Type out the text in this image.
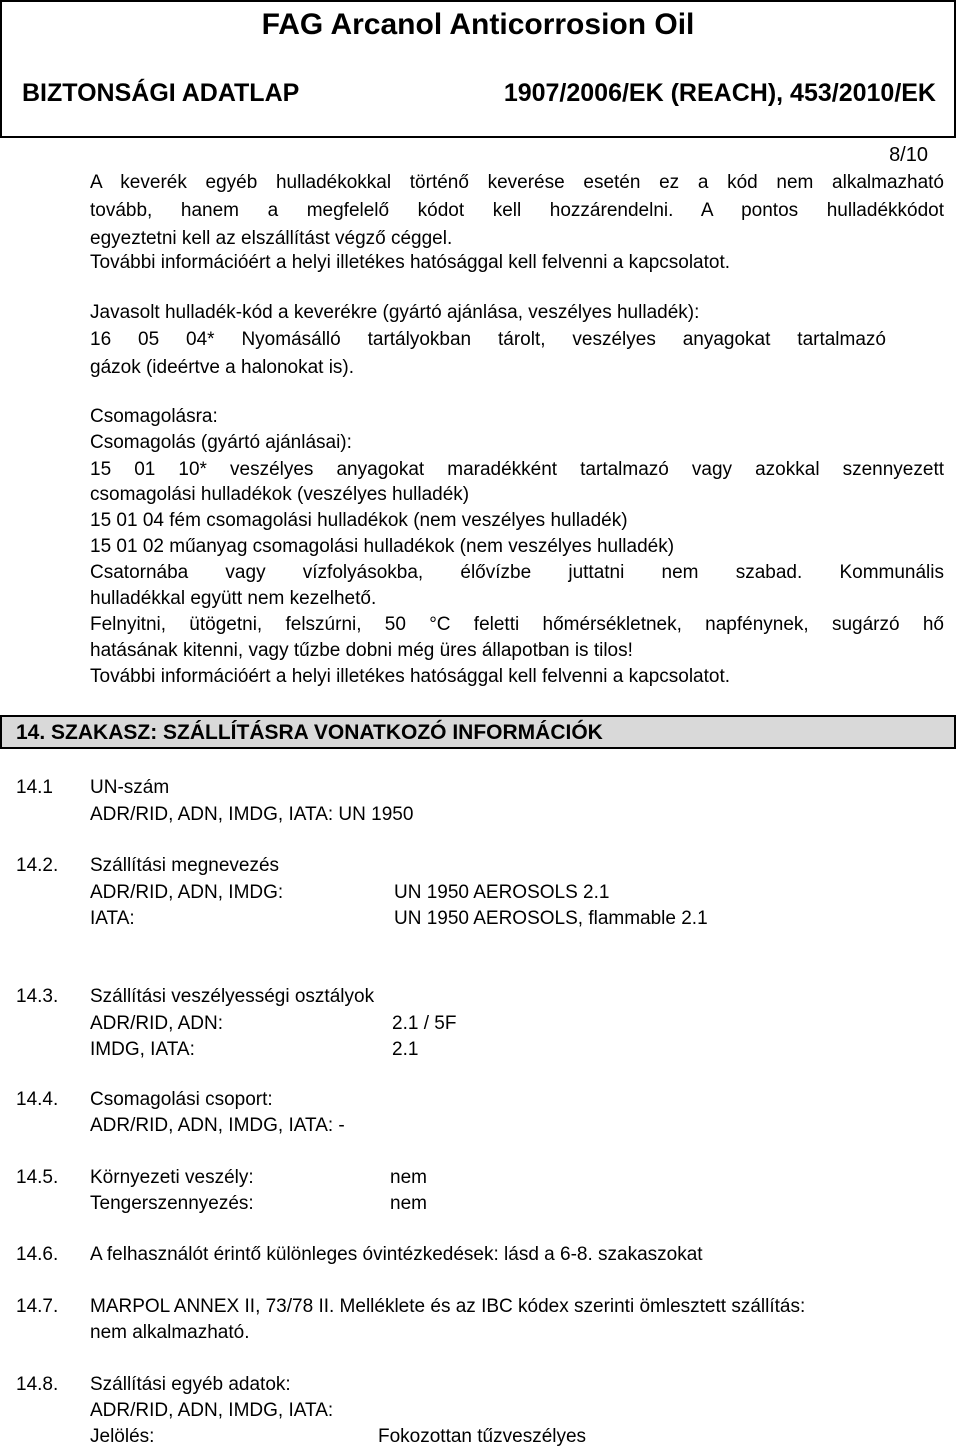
FAG Arcanol Anticorrosion Oil
BIZTONSÁGI ADATLAP	1907/2006/EK (REACH), 453/2010/EK
8/10
A keverék egyéb hulladékokkal történő keverése esetén ez a kód nem alkalmazható
tovább, hanem a megfelelő kódot kell hozzárendelni. A pontos hulladékkódot
egyeztetni kell az elszállítást végző céggel.
További információért a helyi illetékes hatósággal kell felvenni a kapcsolatot.
Javasolt hulladék-kód a keverékre (gyártó ajánlása, veszélyes hulladék):
16 05 04* Nyomásálló tartályokban tárolt, veszélyes anyagokat tartalmazó
gázok (ideértve a halonokat is).
Csomagolásra:
Csomagolás (gyártó ajánlásai):
15 01 10* veszélyes anyagokat maradékként tartalmazó vagy azokkal szennyezett
csomagolási hulladékok (veszélyes hulladék)
15 01 04 fém csomagolási hulladékok (nem veszélyes hulladék)
15 01 02 műanyag csomagolási hulladékok (nem veszélyes hulladék)
Csatornába vagy vízfolyásokba, élővízbe juttatni nem szabad. Kommunális
hulladékkal együtt nem kezelhető.
Felnyitni, ütögetni, felszúrni, 50 °C feletti hőmérsékletnek, napfénynek, sugárzó hő
hatásának kitenni, vagy tűzbe dobni még üres állapotban is tilos!
További információért a helyi illetékes hatósággal kell felvenni a kapcsolatot.
14. SZAKASZ: SZÁLLÍTÁSRA VONATKOZÓ INFORMÁCIÓK
14.1 UN-szám
ADR/RID, ADN, IMDG, IATA: UN 1950
14.2. Szállítási megnevezés
ADR/RID, ADN, IMDG:	UN 1950 AEROSOLS 2.1
IATA:	UN 1950 AEROSOLS, flammable 2.1
14.3. Szállítási veszélyességi osztályok
ADR/RID, ADN:	2.1 / 5F
IMDG, IATA:	2.1
14.4. Csomagolási csoport:
ADR/RID, ADN, IMDG, IATA: -
14.5. Környezeti veszély:	nem
Tengerszennyezés:	nem
14.6. A felhasználót érintő különleges óvintézkedések: lásd a 6-8. szakaszokat
14.7. MARPOL ANNEX II, 73/78 II. Melléklete és az IBC kódex szerinti ömlesztett szállítás:
nem alkalmazható.
14.8. Szállítási egyéb adatok:
ADR/RID, ADN, IMDG, IATA:
Jelölés:	Fokozottan tűzveszélyes
